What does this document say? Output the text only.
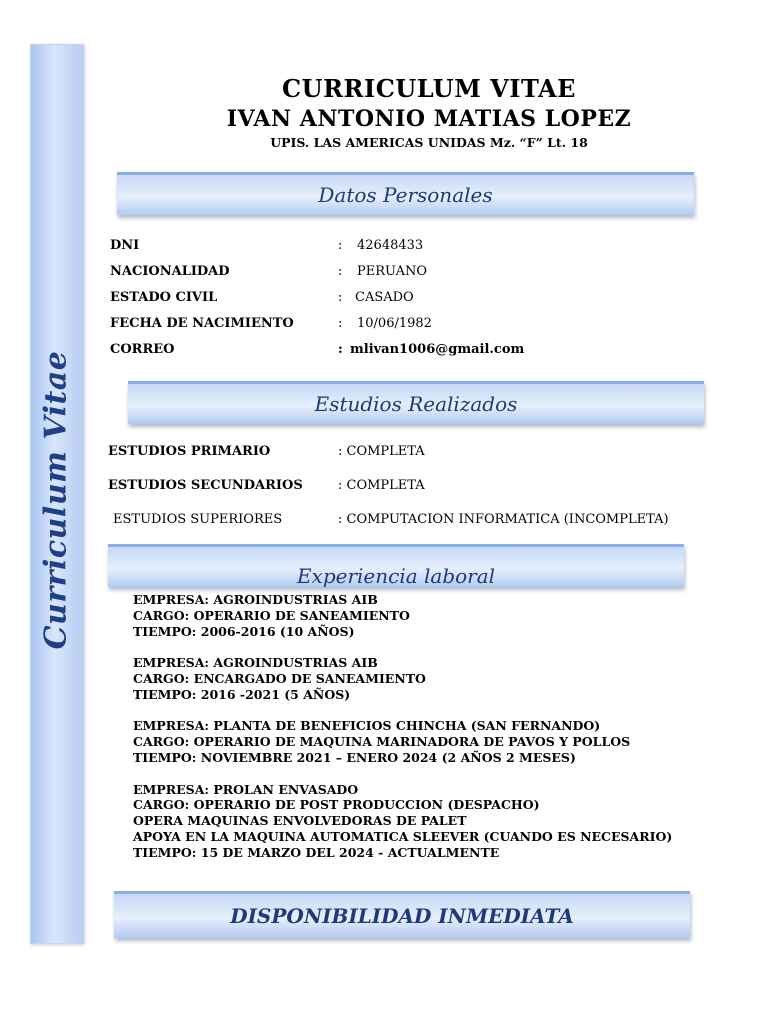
Curriculum Vitae
CURRICULUM VITAE
IVAN ANTONIO MATIAS LOPEZ
UPIS. LAS AMERICAS UNIDAS Mz. “F” Lt. 18
Datos Personales
DNI	: 42648433
NACIONALIDAD	: PERUANO
ESTADO CIVIL	: CASADO
FECHA DE NACIMIENTO	: 10/06/1982
CORREO	: mlivan1006@gmail.com
Estudios Realizados
ESTUDIOS PRIMARIO	: COMPLETA
ESTUDIOS SECUNDARIOS	: COMPLETA
ESTUDIOS SUPERIORES	: COMPUTACION INFORMATICA (INCOMPLETA)
Experiencia laboral
EMPRESA: AGROINDUSTRIAS AIB
CARGO: OPERARIO DE SANEAMIENTO
TIEMPO: 2006-2016 (10 AÑOS)
EMPRESA: AGROINDUSTRIAS AIB
CARGO: ENCARGADO DE SANEAMIENTO
TIEMPO: 2016 -2021 (5 AÑOS)
EMPRESA: PLANTA DE BENEFICIOS CHINCHA (SAN FERNANDO)
CARGO: OPERARIO DE MAQUINA MARINADORA DE PAVOS Y POLLOS
TIEMPO: NOVIEMBRE 2021 – ENERO 2024 (2 AÑOS 2 MESES)
EMPRESA: PROLAN ENVASADO
CARGO: OPERARIO DE POST PRODUCCION (DESPACHO)
OPERA MAQUINAS ENVOLVEDORAS DE PALET
APOYA EN LA MAQUINA AUTOMATICA SLEEVER (CUANDO ES NECESARIO)
TIEMPO: 15 DE MARZO DEL 2024 - ACTUALMENTE
DISPONIBILIDAD INMEDIATA
